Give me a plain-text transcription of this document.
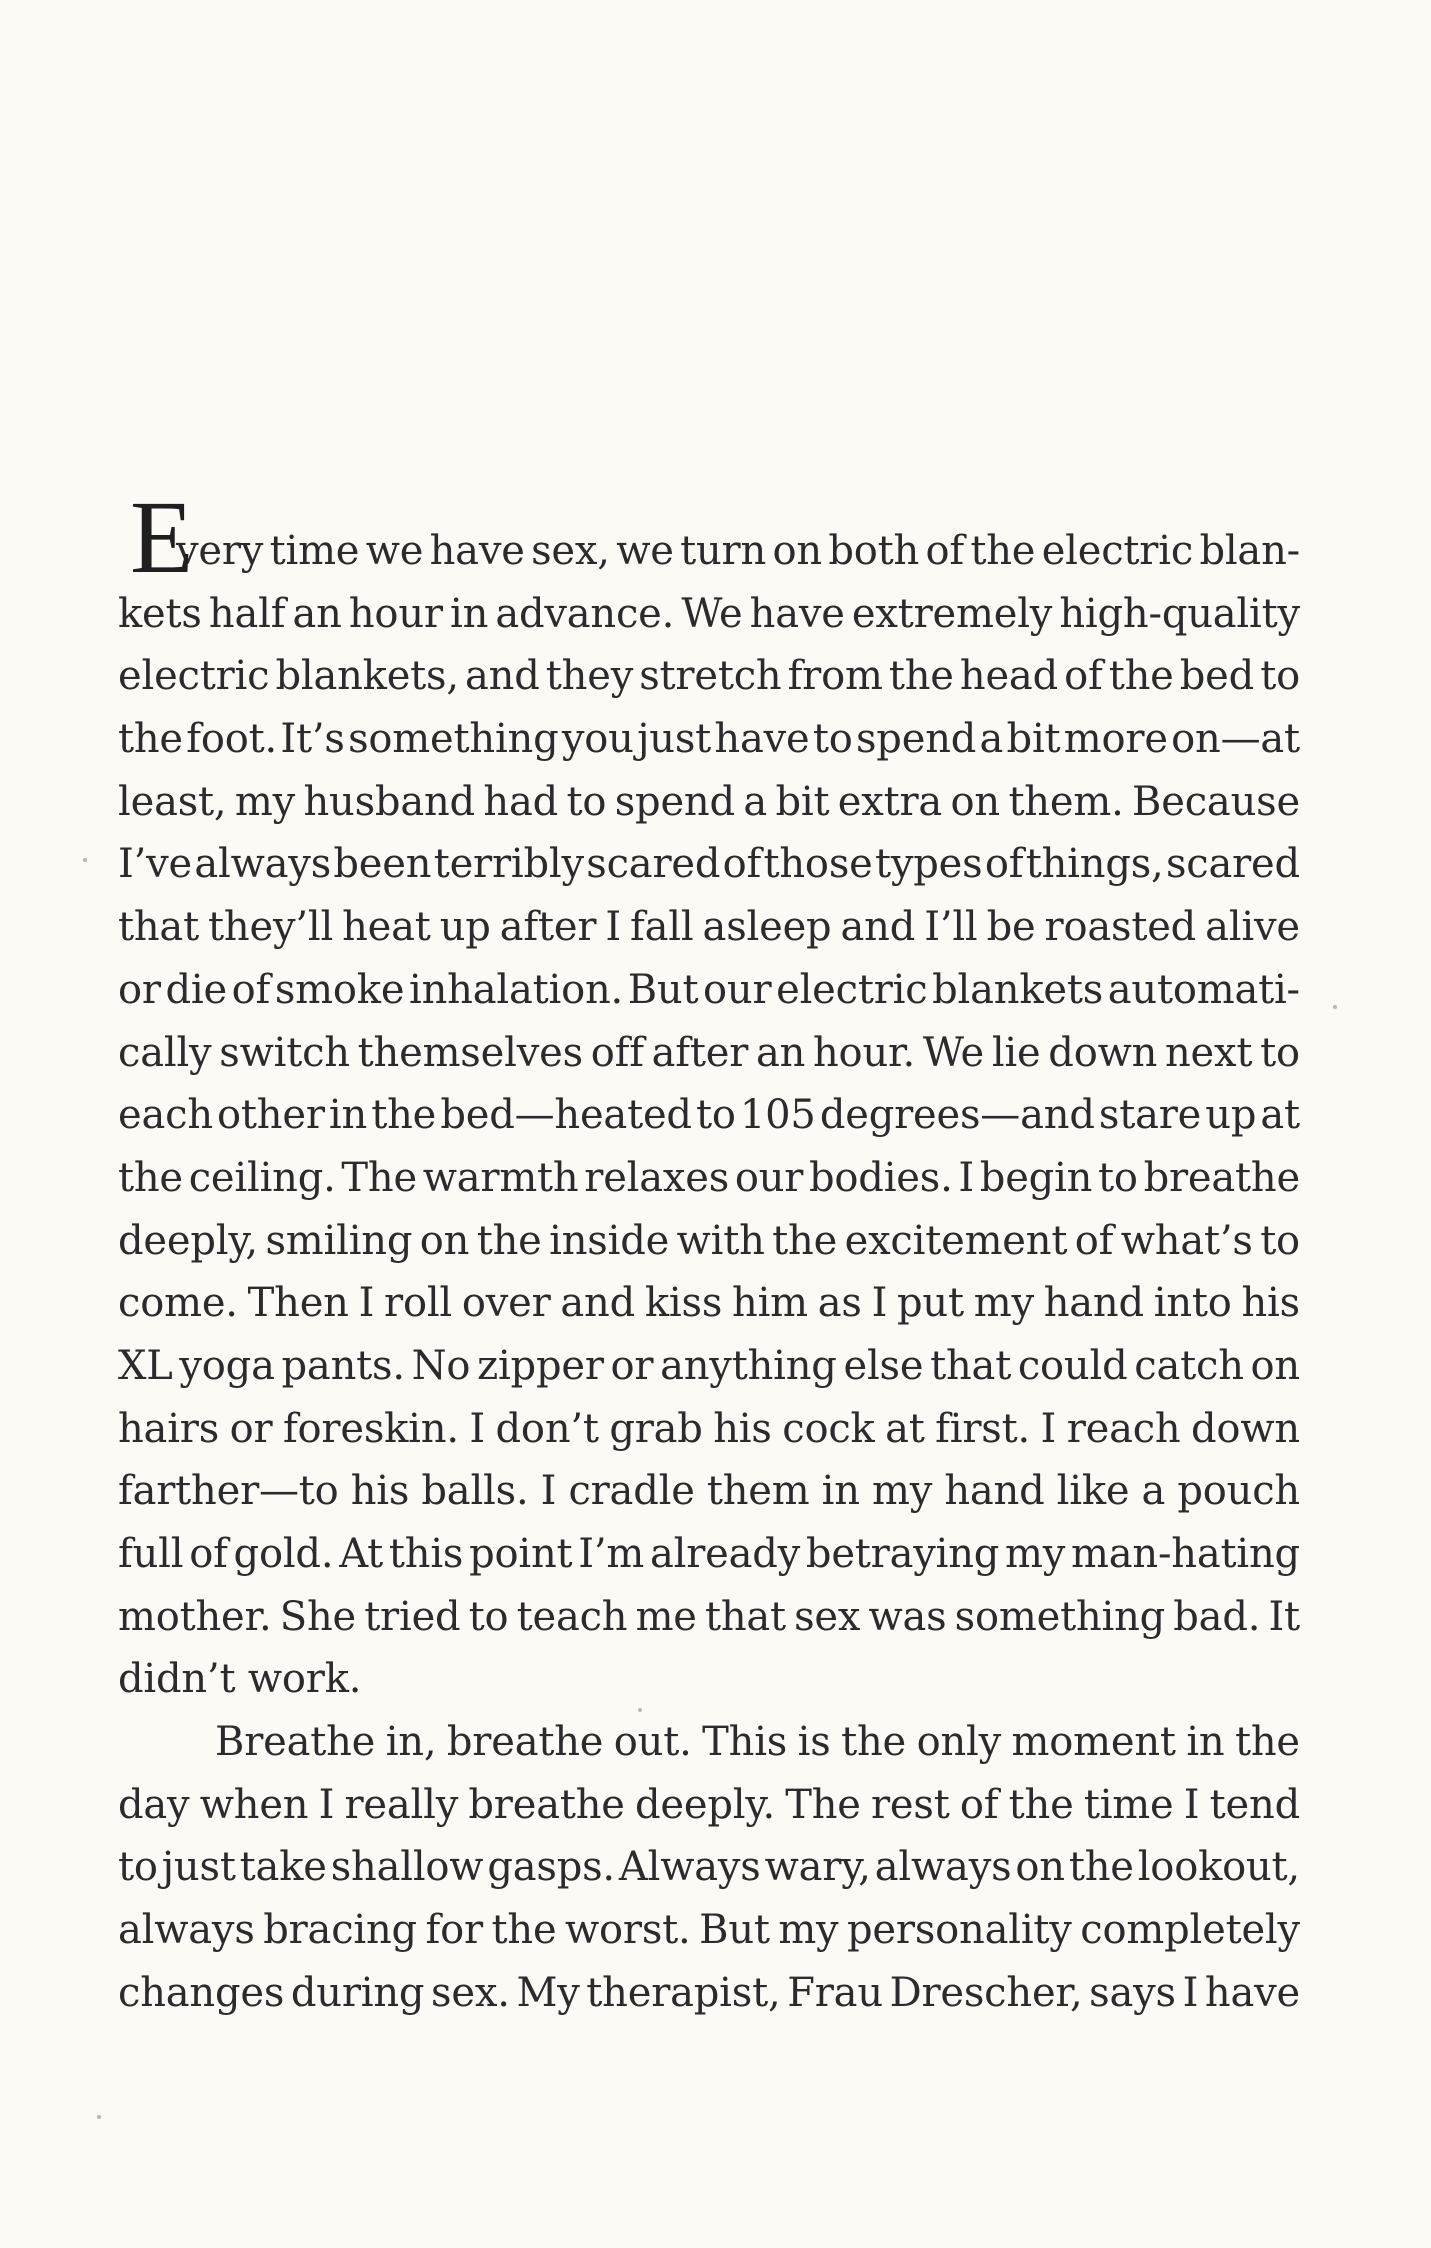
E
very time we have sex, we turn on both of the electric blan-
kets half an hour in advance. We have extremely high-quality
electric blankets, and they stretch from the head of the bed to
the foot. It’s something you just have to spend a bit more on—at
least, my husband had to spend a bit extra on them. Because
I’ve always been terribly scared of those types of things, scared
that they’ll heat up after I fall asleep and I’ll be roasted alive
or die of smoke inhalation. But our electric blankets automati-
cally switch themselves off after an hour. We lie down next to
each other in the bed—heated to 105 degrees—and stare up at
the ceiling. The warmth relaxes our bodies. I begin to breathe
deeply, smiling on the inside with the excitement of what’s to
come. Then I roll over and kiss him as I put my hand into his
XL yoga pants. No zipper or anything else that could catch on
hairs or foreskin. I don’t grab his cock at first. I reach down
farther—to his balls. I cradle them in my hand like a pouch
full of gold. At this point I’m already betraying my man-hating
mother. She tried to teach me that sex was something bad. It
didn’t work.
Breathe in, breathe out. This is the only moment in the
day when I really breathe deeply. The rest of the time I tend
to just take shallow gasps. Always wary, always on the lookout,
always bracing for the worst. But my personality completely
changes during sex. My therapist, Frau Drescher, says I have
